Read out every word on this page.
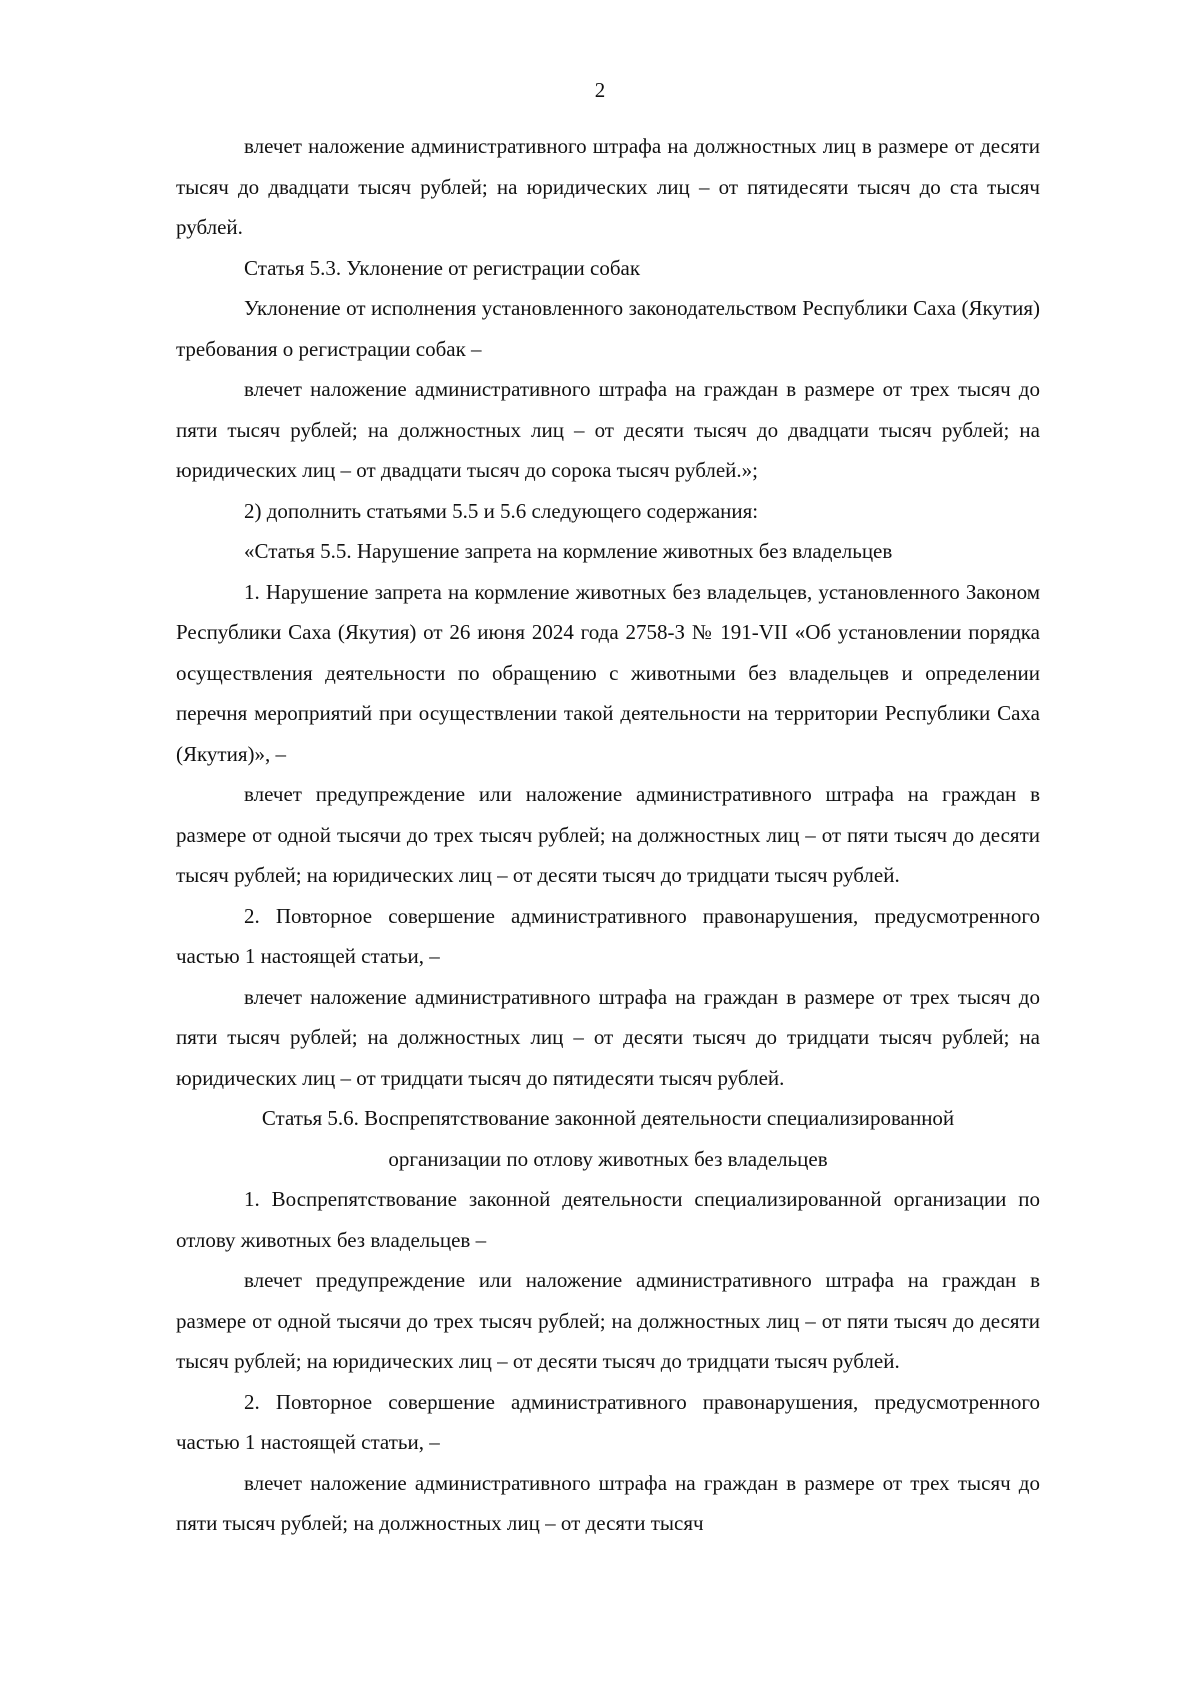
2

влечет наложение административного штрафа на должностных лиц в размере от десяти тысяч до двадцати тысяч рублей; на юридических лиц – от пятидесяти тысяч до ста тысяч рублей.

Статья 5.3. Уклонение от регистрации собак

Уклонение от исполнения установленного законодательством Республики Саха (Якутия) требования о регистрации собак –

влечет наложение административного штрафа на граждан в размере от трех тысяч до пяти тысяч рублей; на должностных лиц – от десяти тысяч до двадцати тысяч рублей; на юридических лиц – от двадцати тысяч до сорока тысяч рублей.»;

2) дополнить статьями 5.5 и 5.6 следующего содержания:

«Статья 5.5. Нарушение запрета на кормление животных без владельцев

1. Нарушение запрета на кормление животных без владельцев, установленного Законом Республики Саха (Якутия) от 26 июня 2024 года 2758-З № 191-VII «Об установлении порядка осуществления деятельности по обращению с животными без владельцев и определении перечня мероприятий при осуществлении такой деятельности на территории Республики Саха (Якутия)», –

влечет предупреждение или наложение административного штрафа на граждан в размере от одной тысячи до трех тысяч рублей; на должностных лиц – от пяти тысяч до десяти тысяч рублей; на юридических лиц – от десяти тысяч до тридцати тысяч рублей.

2. Повторное совершение административного правонарушения, предусмотренного частью 1 настоящей статьи, –

влечет наложение административного штрафа на граждан в размере от трех тысяч до пяти тысяч рублей; на должностных лиц – от десяти тысяч до тридцати тысяч рублей; на юридических лиц – от тридцати тысяч до пятидесяти тысяч рублей.

Статья 5.6. Воспрепятствование законной деятельности специализированной

организации по отлову животных без владельцев

1. Воспрепятствование законной деятельности специализированной организации по отлову животных без владельцев –

влечет предупреждение или наложение административного штрафа на граждан в размере от одной тысячи до трех тысяч рублей; на должностных лиц – от пяти тысяч до десяти тысяч рублей; на юридических лиц – от десяти тысяч до тридцати тысяч рублей.

2. Повторное совершение административного правонарушения, предусмотренного частью 1 настоящей статьи, –

влечет наложение административного штрафа на граждан в размере от трех тысяч до пяти тысяч рублей; на должностных лиц – от десяти тысяч
